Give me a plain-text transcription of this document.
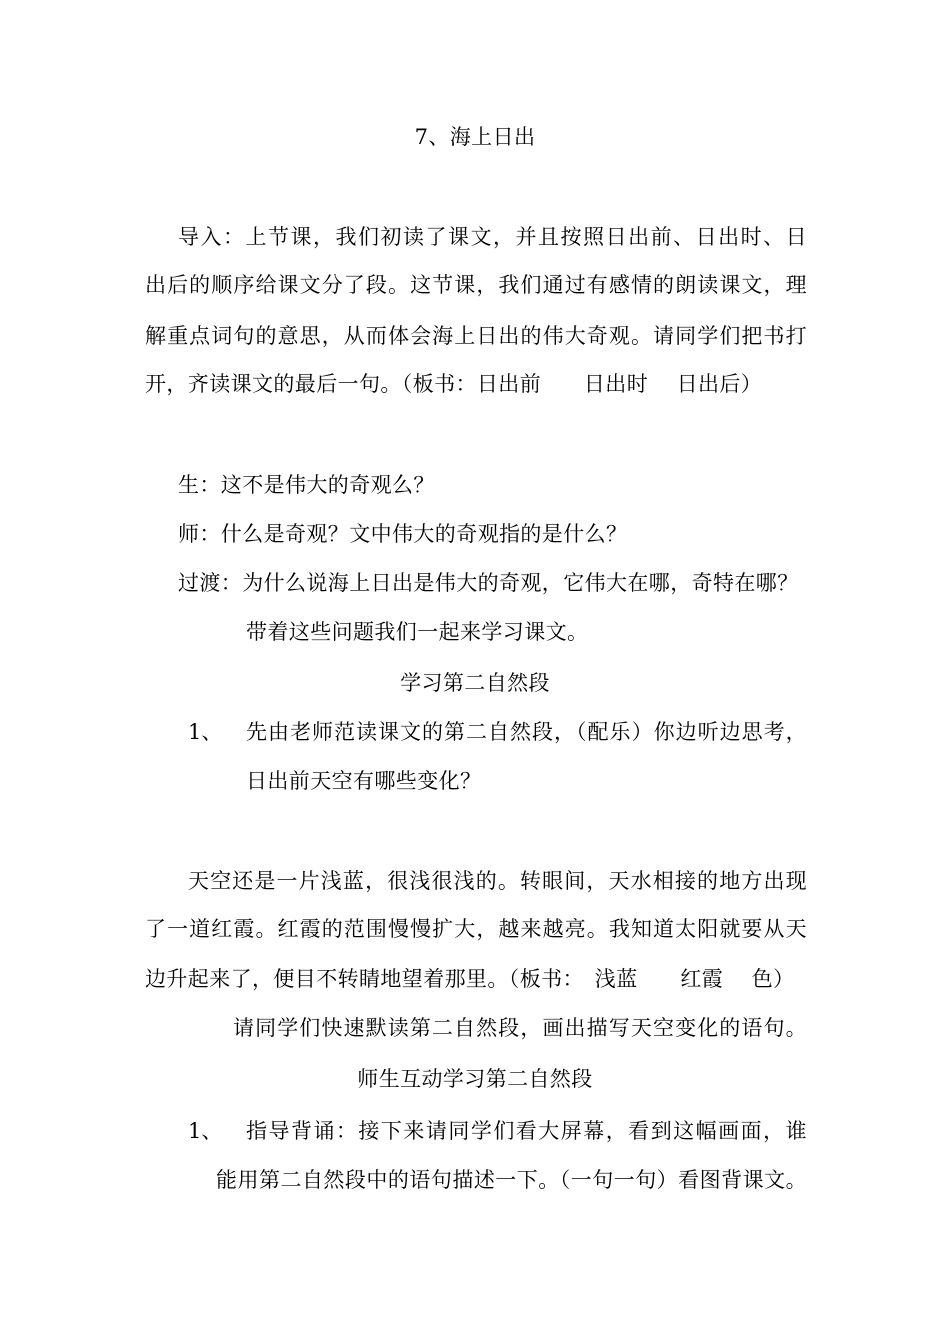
7、海上日出
导入：上节课，我们初读了课文，并且按照日出前、日出时、日
出后的顺序给课文分了段。这节课，我们通过有感情的朗读课文，理
解重点词句的意思，从而体会海上日出的伟大奇观。请同学们把书打
开，齐读课文的最后一句。（板书：日出前　　日出时　 日出后）
生：这不是伟大的奇观么？
师：什么是奇观？文中伟大的奇观指的是什么？
过渡：为什么说海上日出是伟大的奇观，它伟大在哪，奇特在哪？
带着这些问题我们一起来学习课文。
学习第二自然段
1、 先由老师范读课文的第二自然段，（配乐）你边听边思考，
日出前天空有哪些变化？
天空还是一片浅蓝，很浅很浅的。转眼间，天水相接的地方出现
了一道红霞。红霞的范围慢慢扩大，越来越亮。我知道太阳就要从天
边升起来了，便目不转睛地望着那里。（板书：　浅蓝　　红霞　 色）
请同学们快速默读第二自然段，画出描写天空变化的语句。
师生互动学习第二自然段
1、 指导背诵：接下来请同学们看大屏幕，看到这幅画面，谁
能用第二自然段中的语句描述一下。（一句一句）看图背课文。
